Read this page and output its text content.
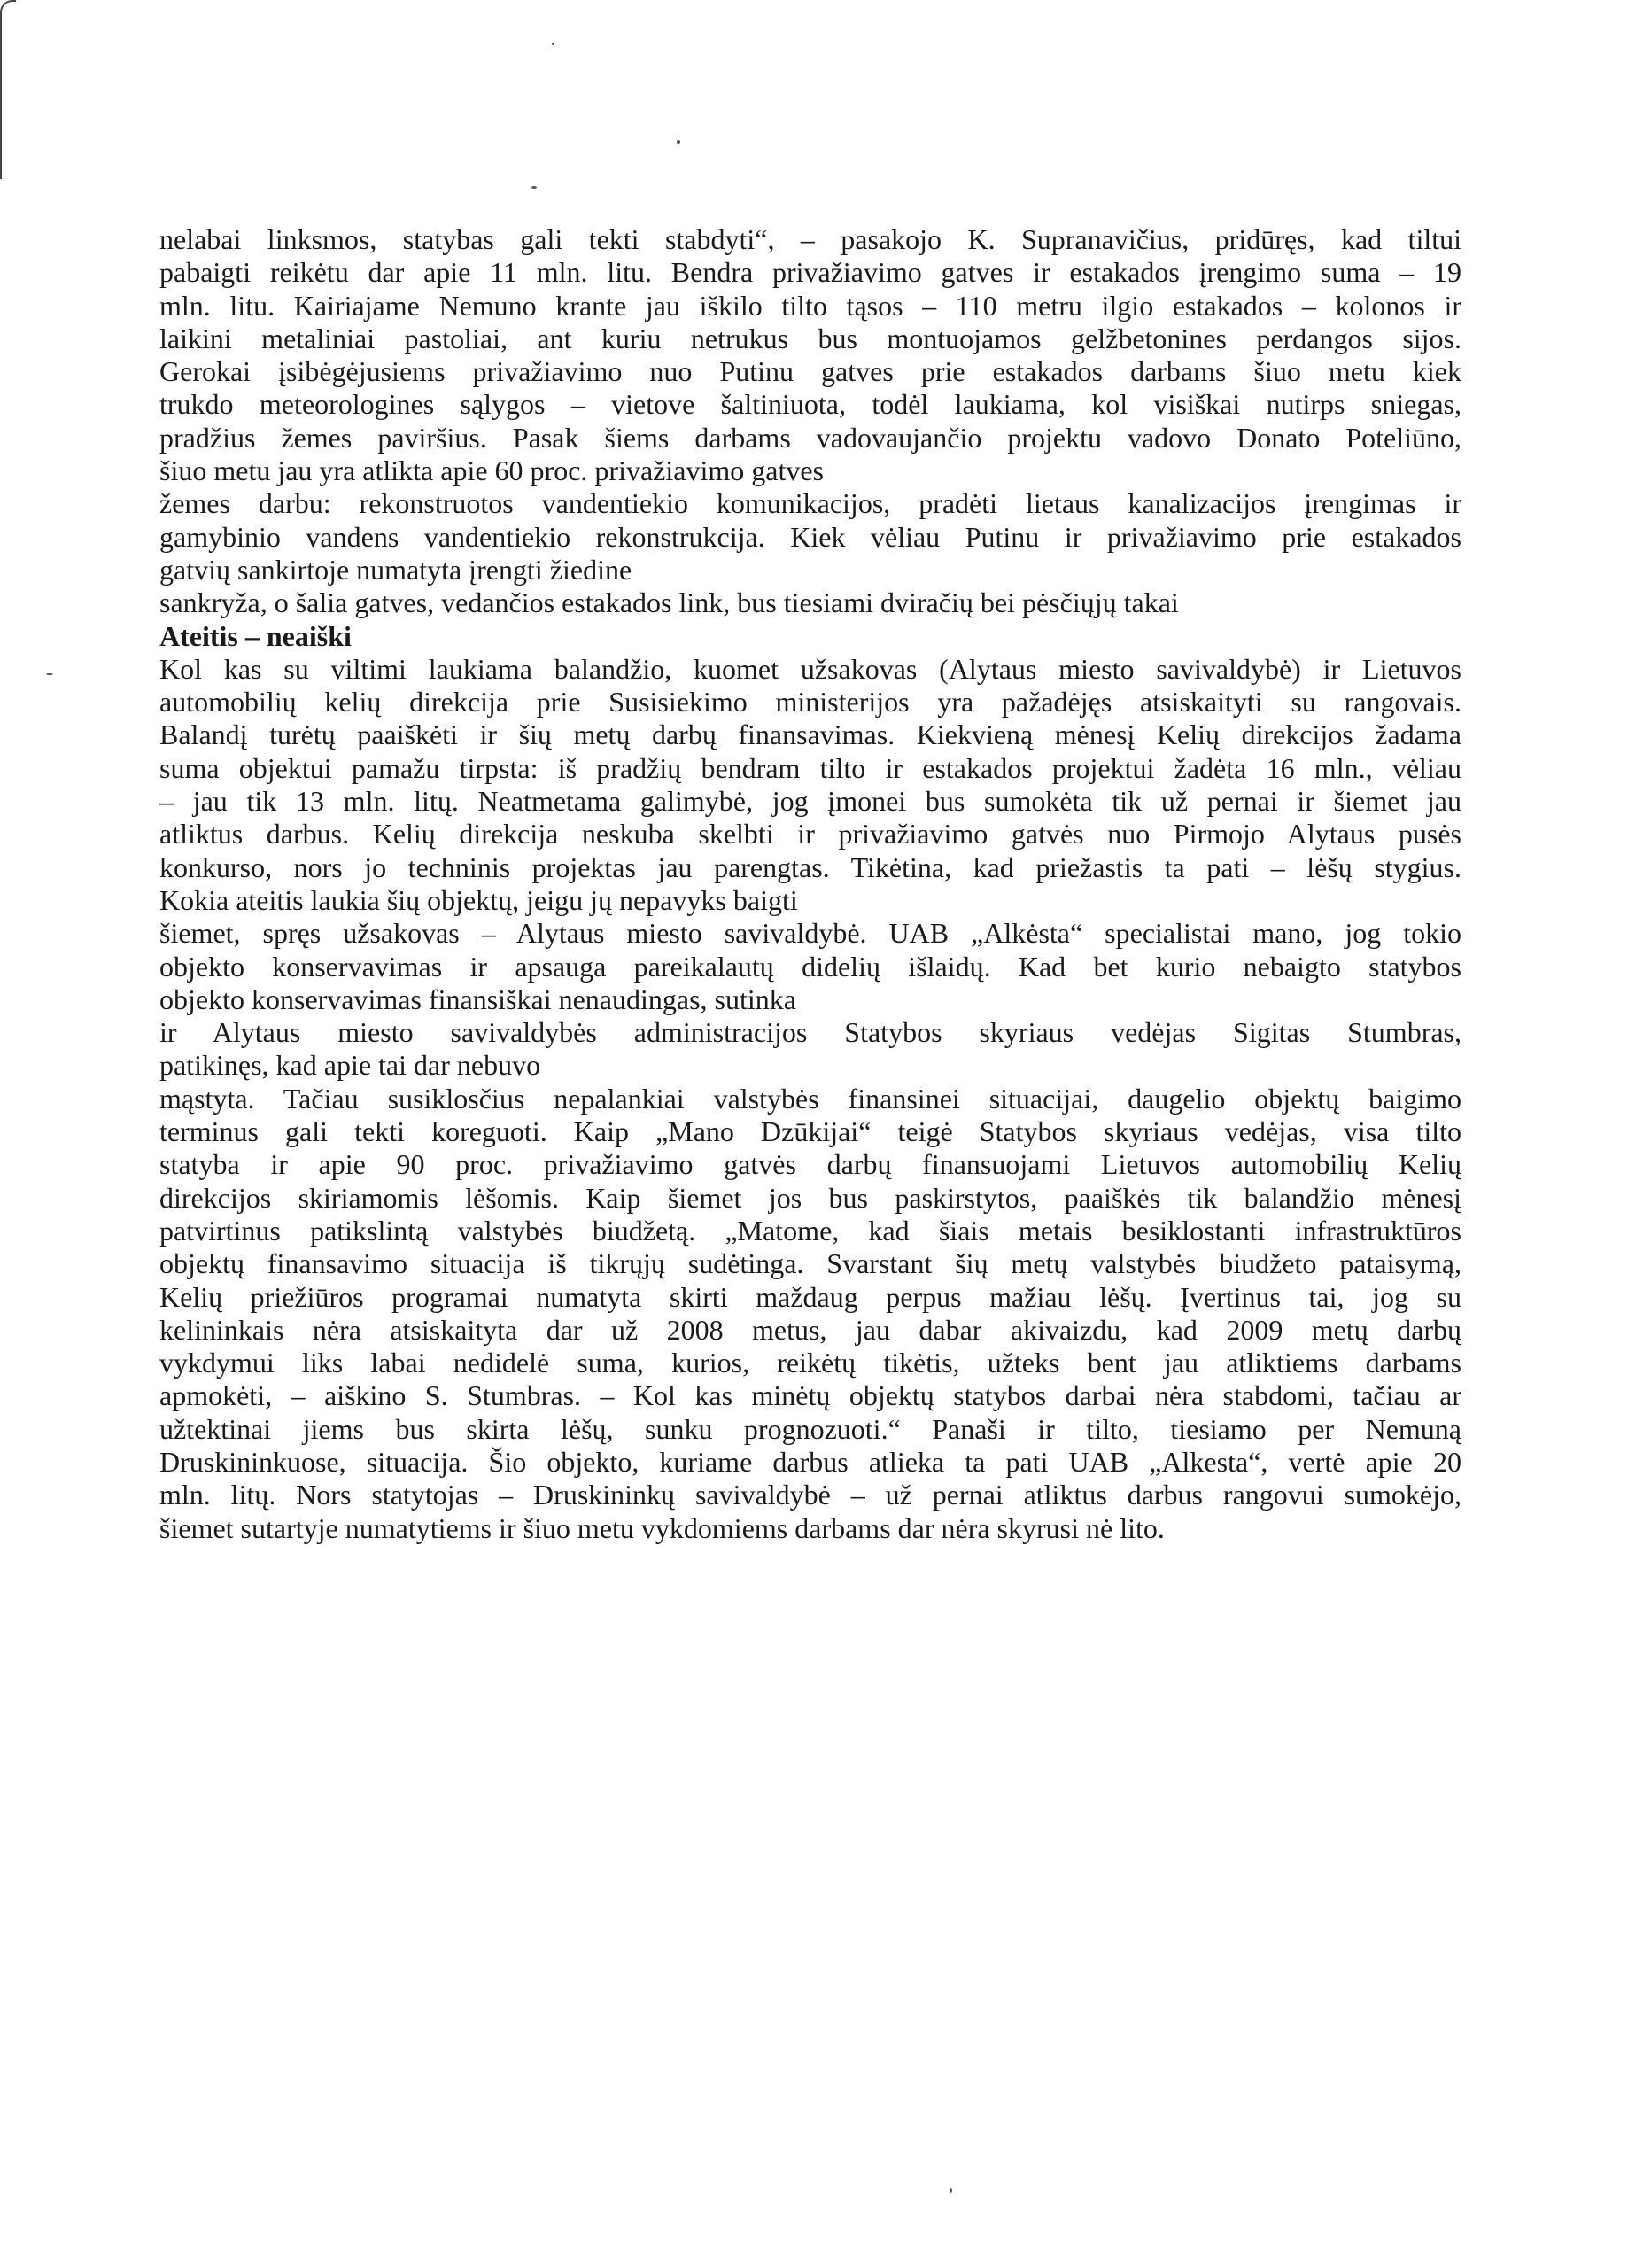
nelabai linksmos, statybas gali tekti stabdyti“, – pasakojo K. Supranavičius, pridūręs, kad tiltui
pabaigti reikėtu dar apie 11 mln. litu. Bendra privažiavimo gatves ir estakados įrengimo suma – 19
mln. litu. Kairiajame Nemuno krante jau iškilo tilto tąsos – 110 metru ilgio estakados – kolonos ir
laikini metaliniai pastoliai, ant kuriu netrukus bus montuojamos gelžbetonines perdangos sijos.
Gerokai įsibėgėjusiems privažiavimo nuo Putinu gatves prie estakados darbams šiuo metu kiek
trukdo meteorologines sąlygos – vietove šaltiniuota, todėl laukiama, kol visiškai nutirps sniegas,
pradžius žemes paviršius. Pasak šiems darbams vadovaujančio projektu vadovo Donato Poteliūno,
šiuo metu jau yra atlikta apie 60 proc. privažiavimo gatves
žemes darbu: rekonstruotos vandentiekio komunikacijos, pradėti lietaus kanalizacijos įrengimas ir
gamybinio vandens vandentiekio rekonstrukcija. Kiek vėliau Putinu ir privažiavimo prie estakados
gatvių sankirtoje numatyta įrengti žiedine
sankryža, o šalia gatves, vedančios estakados link, bus tiesiami dviračių bei pėsčiųjų takai
Ateitis – neaiški
Kol kas su viltimi laukiama balandžio, kuomet užsakovas (Alytaus miesto savivaldybė) ir Lietuvos
automobilių kelių direkcija prie Susisiekimo ministerijos yra pažadėjęs atsiskaityti su rangovais.
Balandį turėtų paaiškėti ir šių metų darbų finansavimas. Kiekvieną mėnesį Kelių direkcijos žadama
suma objektui pamažu tirpsta: iš pradžių bendram tilto ir estakados projektui žadėta 16 mln., vėliau
– jau tik 13 mln. litų. Neatmetama galimybė, jog įmonei bus sumokėta tik už pernai ir šiemet jau
atliktus darbus. Kelių direkcija neskuba skelbti ir privažiavimo gatvės nuo Pirmojo Alytaus pusės
konkurso, nors jo techninis projektas jau parengtas. Tikėtina, kad priežastis ta pati – lėšų stygius.
Kokia ateitis laukia šių objektų, jeigu jų nepavyks baigti
šiemet, spręs užsakovas – Alytaus miesto savivaldybė. UAB „Alkėsta“ specialistai mano, jog tokio
objekto konservavimas ir apsauga pareikalautų didelių išlaidų. Kad bet kurio nebaigto statybos
objekto konservavimas finansiškai nenaudingas, sutinka
ir Alytaus miesto savivaldybės administracijos Statybos skyriaus vedėjas Sigitas Stumbras,
patikinęs, kad apie tai dar nebuvo
mąstyta. Tačiau susiklosčius nepalankiai valstybės finansinei situacijai, daugelio objektų baigimo
terminus gali tekti koreguoti. Kaip „Mano Dzūkijai“ teigė Statybos skyriaus vedėjas, visa tilto
statyba ir apie 90 proc. privažiavimo gatvės darbų finansuojami Lietuvos automobilių Kelių
direkcijos skiriamomis lėšomis. Kaip šiemet jos bus paskirstytos, paaiškės tik balandžio mėnesį
patvirtinus patikslintą valstybės biudžetą. „Matome, kad šiais metais besiklostanti infrastruktūros
objektų finansavimo situacija iš tikrųjų sudėtinga. Svarstant šių metų valstybės biudžeto pataisymą,
Kelių priežiūros programai numatyta skirti maždaug perpus mažiau lėšų. Įvertinus tai, jog su
kelininkais nėra atsiskaityta dar už 2008 metus, jau dabar akivaizdu, kad 2009 metų darbų
vykdymui liks labai nedidelė suma, kurios, reikėtų tikėtis, užteks bent jau atliktiems darbams
apmokėti, – aiškino S. Stumbras. – Kol kas minėtų objektų statybos darbai nėra stabdomi, tačiau ar
užtektinai jiems bus skirta lėšų, sunku prognozuoti.“ Panaši ir tilto, tiesiamo per Nemuną
Druskininkuose, situacija. Šio objekto, kuriame darbus atlieka ta pati UAB „Alkesta“, vertė apie 20
mln. litų. Nors statytojas – Druskininkų savivaldybė – už pernai atliktus darbus rangovui sumokėjo,
šiemet sutartyje numatytiems ir šiuo metu vykdomiems darbams dar nėra skyrusi nė lito.
